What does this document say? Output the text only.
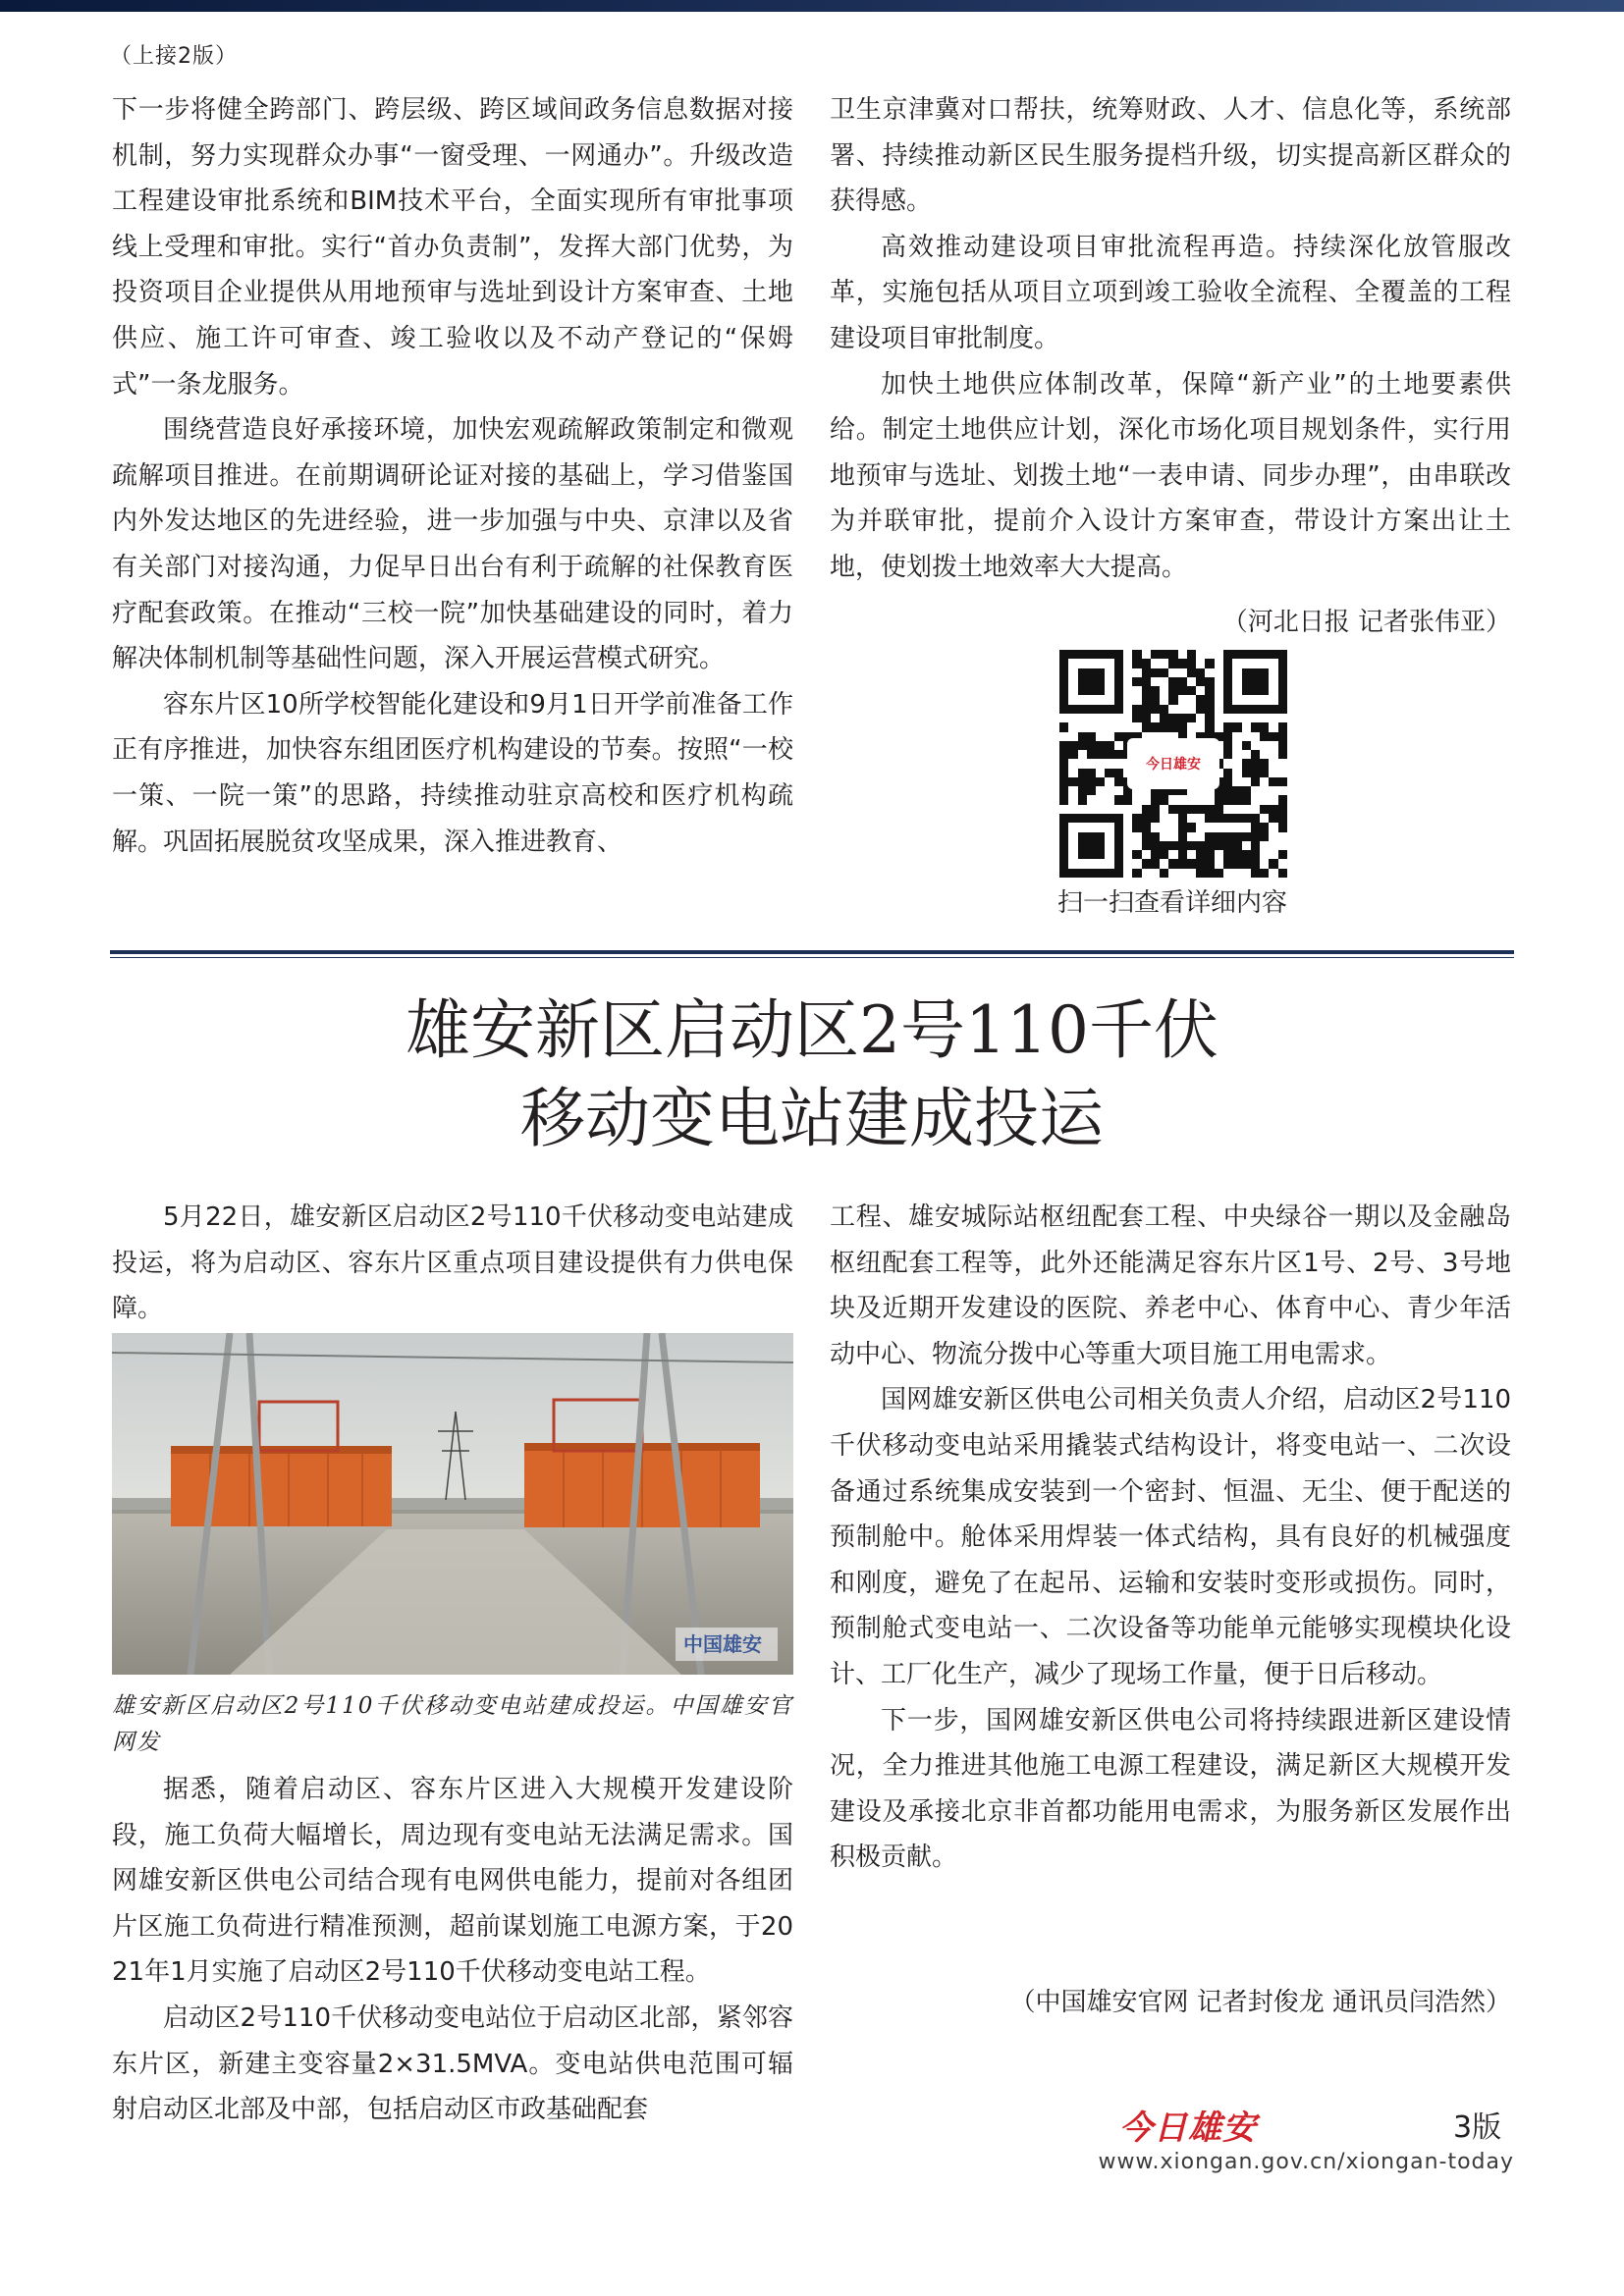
（上接2版）

下一步将健全跨部门、跨层级、跨区域间政务信息数据对接机制，努力实现群众办事“一窗受理、一网通办”。升级改造工程建设审批系统和BIM技术平台，全面实现所有审批事项线上受理和审批。实行“首办负责制”，发挥大部门优势，为投资项目企业提供从用地预审与选址到设计方案审查、土地供应、施工许可审查、竣工验收以及不动产登记的“保姆式”一条龙服务。

围绕营造良好承接环境，加快宏观疏解政策制定和微观疏解项目推进。在前期调研论证对接的基础上，学习借鉴国内外发达地区的先进经验，进一步加强与中央、京津以及省有关部门对接沟通，力促早日出台有利于疏解的社保教育医疗配套政策。在推动“三校一院”加快基础建设的同时，着力解决体制机制等基础性问题，深入开展运营模式研究。

容东片区10所学校智能化建设和9月1日开学前准备工作正有序推进，加快容东组团医疗机构建设的节奏。按照“一校一策、一院一策”的思路，持续推动驻京高校和医疗机构疏解。巩固拓展脱贫攻坚成果，深入推进教育、

卫生京津冀对口帮扶，统筹财政、人才、信息化等，系统部署、持续推动新区民生服务提档升级，切实提高新区群众的获得感。

高效推动建设项目审批流程再造。持续深化放管服改革，实施包括从项目立项到竣工验收全流程、全覆盖的工程建设项目审批制度。

加快土地供应体制改革，保障“新产业”的土地要素供给。制定土地供应计划，深化市场化项目规划条件，实行用地预审与选址、划拨土地“一表申请、同步办理”，由串联改为并联审批，提前介入设计方案审查，带设计方案出让土地，使划拨土地效率大大提高。

（河北日报 记者张伟亚）
今日雄安
扫一扫查看详细内容
雄安新区启动区2号110千伏
移动变电站建成投运

5月22日，雄安新区启动区2号110千伏移动变电站建成投运，将为启动区、容东片区重点项目建设提供有力供电保障。

中国雄安
雄安新区启动区2号110千伏移动变电站建成投运。中国雄安官网发

据悉，随着启动区、容东片区进入大规模开发建设阶段，施工负荷大幅增长，周边现有变电站无法满足需求。国网雄安新区供电公司结合现有电网供电能力，提前对各组团片区施工负荷进行精准预测，超前谋划施工电源方案，于2021年1月实施了启动区2号110千伏移动变电站工程。

启动区2号110千伏移动变电站位于启动区北部，紧邻容东片区，新建主变容量2×31.5MVA。变电站供电范围可辐射启动区北部及中部，包括启动区市政基础配套

工程、雄安城际站枢纽配套工程、中央绿谷一期以及金融岛枢纽配套工程等，此外还能满足容东片区1号、2号、3号地块及近期开发建设的医院、养老中心、体育中心、青少年活动中心、物流分拨中心等重大项目施工用电需求。

国网雄安新区供电公司相关负责人介绍，启动区2号110千伏移动变电站采用撬装式结构设计，将变电站一、二次设备通过系统集成安装到一个密封、恒温、无尘、便于配送的预制舱中。舱体采用焊装一体式结构，具有良好的机械强度和刚度，避免了在起吊、运输和安装时变形或损伤。同时，预制舱式变电站一、二次设备等功能单元能够实现模块化设计、工厂化生产，减少了现场工作量，便于日后移动。

下一步，国网雄安新区供电公司将持续跟进新区建设情况，全力推进其他施工电源工程建设，满足新区大规模开发建设及承接北京非首都功能用电需求，为服务新区发展作出积极贡献。

（中国雄安官网 记者封俊龙 通讯员闫浩然）
今日雄安	3版
www.xiongan.gov.cn/xiongan-today
